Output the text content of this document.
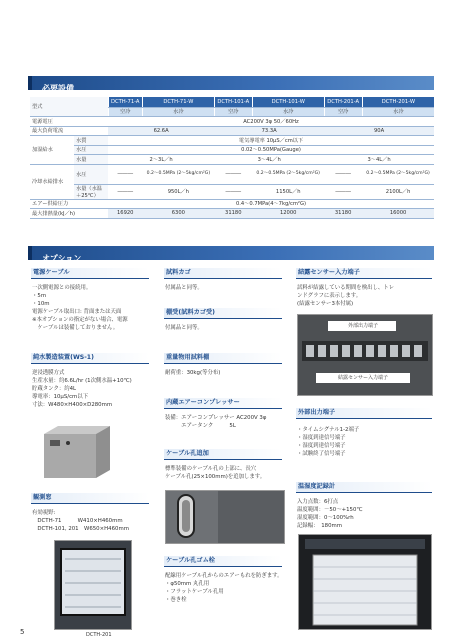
必要設備
型式		DCTH-71-A	DCTH-71-W	DCTH-101-A	DCTH-101-W	DCTH-201-A	DCTH-201-W
		空冷	水冷	空冷	水冷	空冷	水冷
電源電圧		AC200V 3φ 50／60Hz					
最大負荷電流		62.6A		73.3A		90A	
加湿給水	水質	電気導電率 10μS／cm以下					
	水圧	0.02～0.50MPa(Gauge)					
	水量	2～3L／h		3～4L／h		3～4L／h	
冷却水給排水	水圧	―――	0.2～0.5MPa (2～5kg/cm²G)	―――	0.2～0.5MPa (2～5kg/cm²G)	―――	0.2～0.5MPa (2～5kg/cm²G)
	水量（水温＋25℃）	―――	950L／h	―――	1150L／h	―――	2100L／h
エアー供給圧力		0.4～0.7MPa(4～7kg/cm²G)					
最大排熱量(kJ／h)		16920	6300	31180	12000	31180	16000
オプション
電源ケーブル
一次側電源との接続用。
・5m
・10m
電源ケーブル取出口: 背面または天面
※本オプションの指定がない場合、電源
　ケーブルは装備しておりません。
純水製造装置(WS-1)
逆浸透膜方式
生産水量：約6.6L/hr (1次側水温+10℃)
貯蔵タンク：約4L
導電率：10μS/cm以下
寸法：W480×H400×D280mm
観測窓
有効視野:
　DCTH-71　　　W410×H460mm
　DCTH-101, 201　W650×H460mm
DCTH-201
試料カゴ
付属品と同等。
棚受(試料カゴ受)
付属品と同等。
重量物用試料棚
耐荷重：30kg(等分布)
内蔵エアーコンプレッサー
装備：エアーコンプレッサー AC200V 3φ
　　　エアータンク　　　5L
ケーブル孔追加
標準装備のケーブル孔の上部に、長穴
ケーブル孔(25×100mm)を追加します。
ケーブル孔ゴム栓
配線用ケーブル孔からのエアーもれを防ぎます。
・φ50mm 丸孔用
・フラットケーブル孔用
・巻き栓
結露センサー入力端子
試料が結露している期間を検出し、トレ
ンドグラフに表示します。
(結露センサー3本付属)
外部出力端子
結露センサー入力端子
外部出力端子
・タイムシグナル1-2端子
・湿度到達信号端子
・湿度到達信号端子
・試験終了信号端子
温湿度記録計
入力点数：6打点
温度範囲：－50～+150℃
湿度範囲：0～100%rh
記録幅：　180mm
5
